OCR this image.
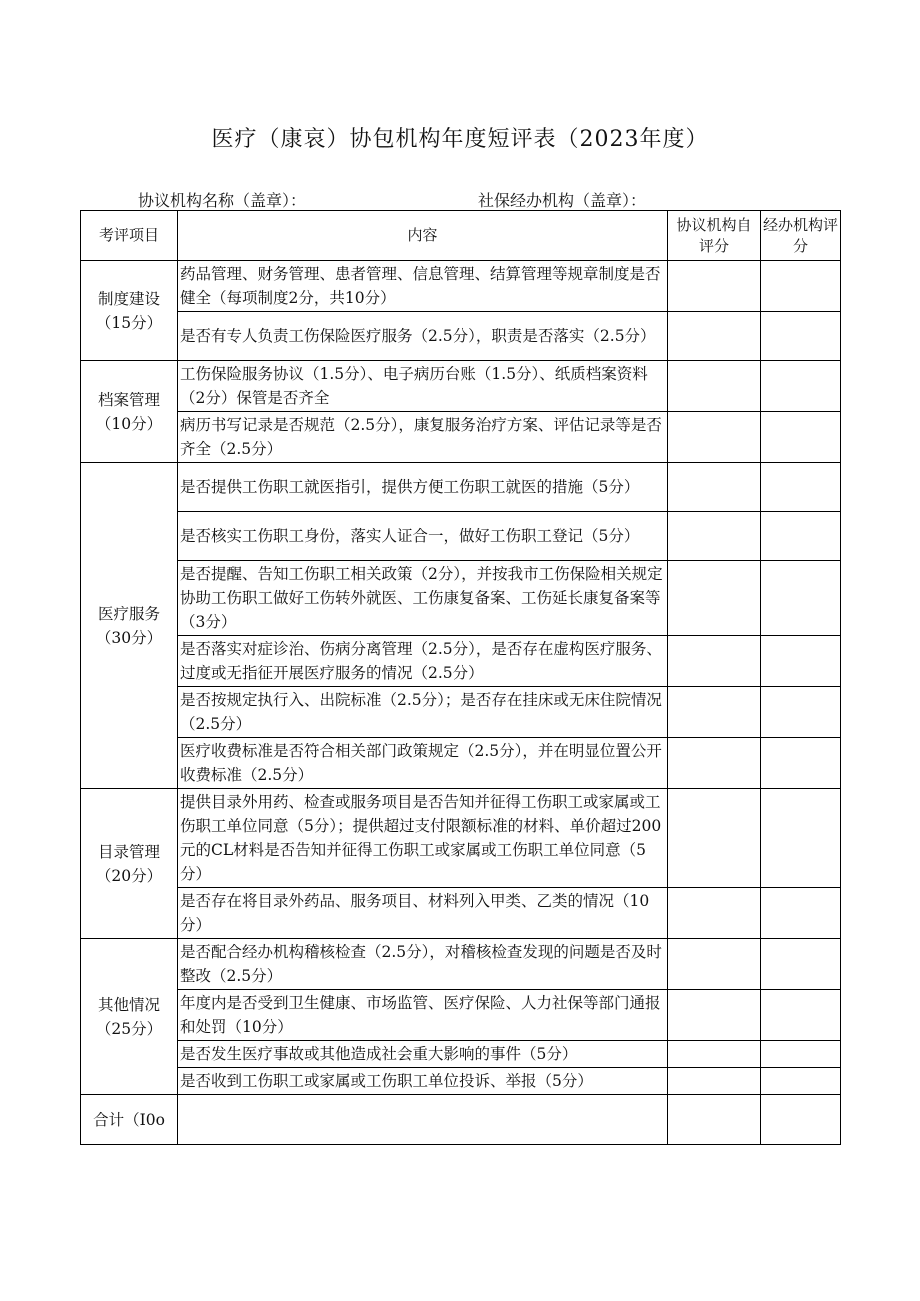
医疗（康哀）协包机构年度短评表（2023年度）
协议机构名称（盖章）：	社保经办机构（盖章）：
考评项目	内容	协议机构自评分	经办机构评分
制度建设（15分）	药品管理、财务管理、患者管理、信息管理、结算管理等规章制度是否健全（每项制度2分，共10分）		
	是否有专人负责工伤保险医疗服务（2.5分），职责是否落实（2.5分）		
档案管理（10分）	工伤保险服务协议（1.5分）、电子病历台账（1.5分）、纸质档案资料（2分）保管是否齐全		
	病历书写记录是否规范（2.5分），康复服务治疗方案、评估记录等是否齐全（2.5分）		
医疗服务（30分）	是否提供工伤职工就医指引，提供方便工伤职工就医的措施（5分）		
	是否核实工伤职工身份，落实人证合一，做好工伤职工登记（5分）		
	是否提醒、告知工伤职工相关政策（2分），并按我市工伤保险相关规定协助工伤职工做好工伤转外就医、工伤康复备案、工伤延长康复备案等（3分）		
	是否落实对症诊治、伤病分离管理（2.5分），是否存在虚构医疗服务、过度或无指征开展医疗服务的情况（2.5分）		
	是否按规定执行入、出院标准（2.5分）；是否存在挂床或无床住院情况（2.5分）		
	医疗收费标准是否符合相关部门政策规定（2.5分），并在明显位置公开收费标准（2.5分）		
目录管理（20分）	提供目录外用药、检查或服务项目是否告知并征得工伤职工或家属或工伤职工单位同意（5分）；提供超过支付限额标准的材料、单价超过200元的CL材料是否告知并征得工伤职工或家属或工伤职工单位同意（5分）		
	是否存在将目录外药品、服务项目、材料列入甲类、乙类的情况（10分）		
其他情况（25分）	是否配合经办机构稽核检查（2.5分），对稽核检查发现的问题是否及时整改（2.5分）		
	年度内是否受到卫生健康、市场监管、医疗保险、人力社保等部门通报和处罚（10分）		
	是否发生医疗事故或其他造成社会重大影响的事件（5分）		
	是否收到工伤职工或家属或工伤职工单位投诉、举报（5分）		
合计（I0o			
